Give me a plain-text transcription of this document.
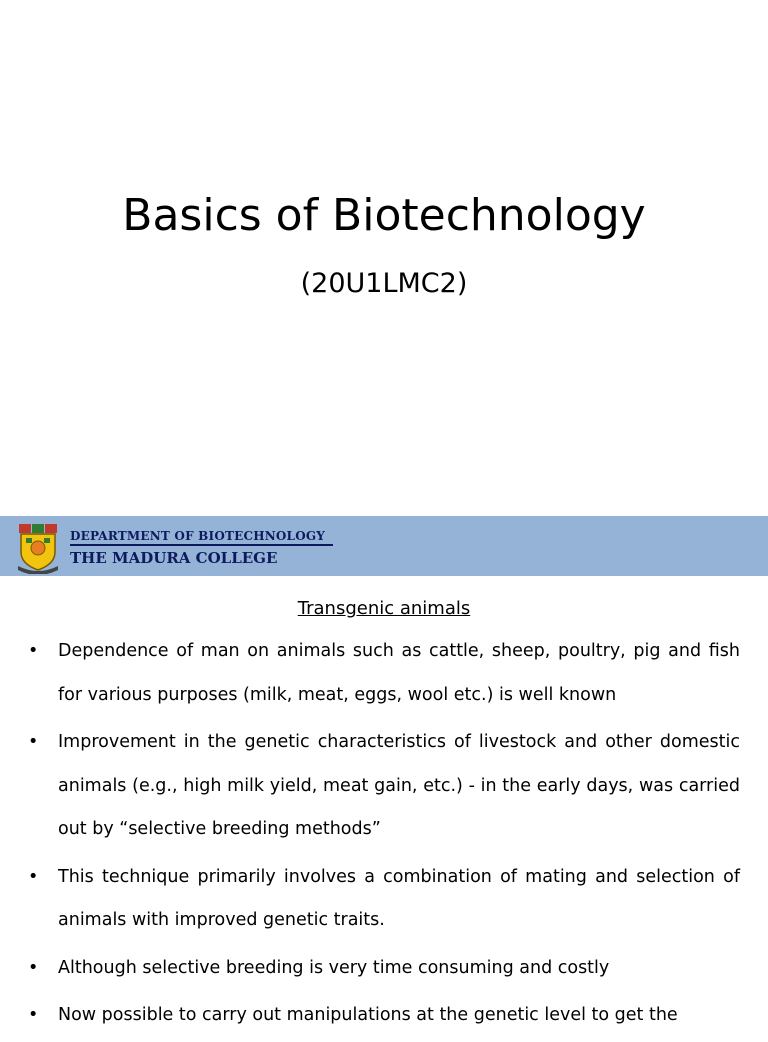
Basics of Biotechnology
(20U1LMC2)
DEPARTMENT OF BIOTECHNOLOGY
THE MADURA COLLEGE
Transgenic animals
• Dependence of man on animals such as cattle, sheep, poultry, pig and fish for various purposes (milk, meat, eggs, wool etc.) is well known
• Improvement in the genetic characteristics of livestock and other domestic animals (e.g., high milk yield, meat gain, etc.) - in the early days, was carried out by “selective breeding methods”
• This technique primarily involves a combination of mating and selection of animals with improved genetic traits.
• Although selective breeding is very time consuming and costly
• Now possible to carry out manipulations at the genetic level to get the
